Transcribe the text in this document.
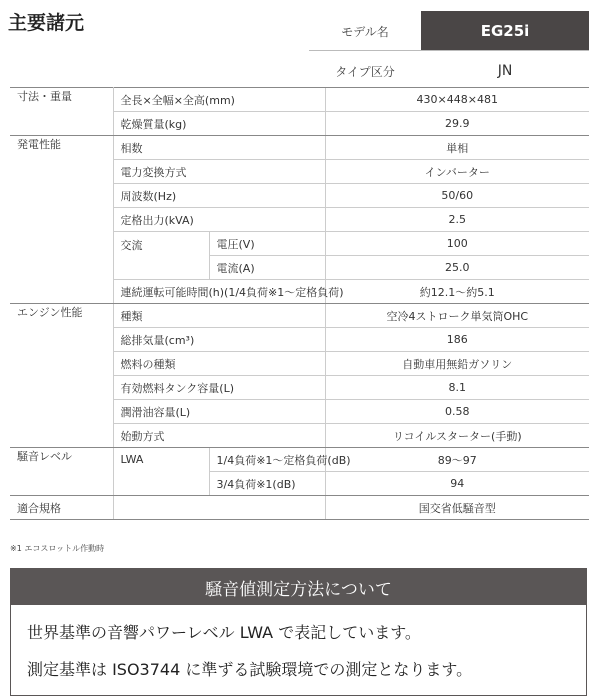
主要諸元	モデル名	EG25i
タイプ区分	JN
寸法・重量	全長×全幅×全高(mm)		430×448×481
	乾燥質量(kg)		29.9
発電性能	相数		単相
	電力変換方式		インバーター
	周波数(Hz)		50/60
	定格出力(kVA)		2.5
	交流	電圧(V)	100
		電流(A)	25.0
	連続運転可能時間(h)(1/4負荷※1〜定格負荷)		約12.1〜約5.1
エンジン性能	種類		空冷4ストローク単気筒OHC
	総排気量(cm³)		186
	燃料の種類		自動車用無鉛ガソリン
	有効燃料タンク容量(L)		8.1
	潤滑油容量(L)		0.58
	始動方式		リコイルスターター(手動)
騒音レベル	LWA	1/4負荷※1〜定格負荷(dB)	89〜97
		3/4負荷※1(dB)	94
適合規格			国交省低騒音型
※1 エコスロットル作動時
騒音値測定方法について
世界基準の音響パワーレベル LWA で表記しています。
測定基準は ISO3744 に準ずる試験環境での測定となります。
